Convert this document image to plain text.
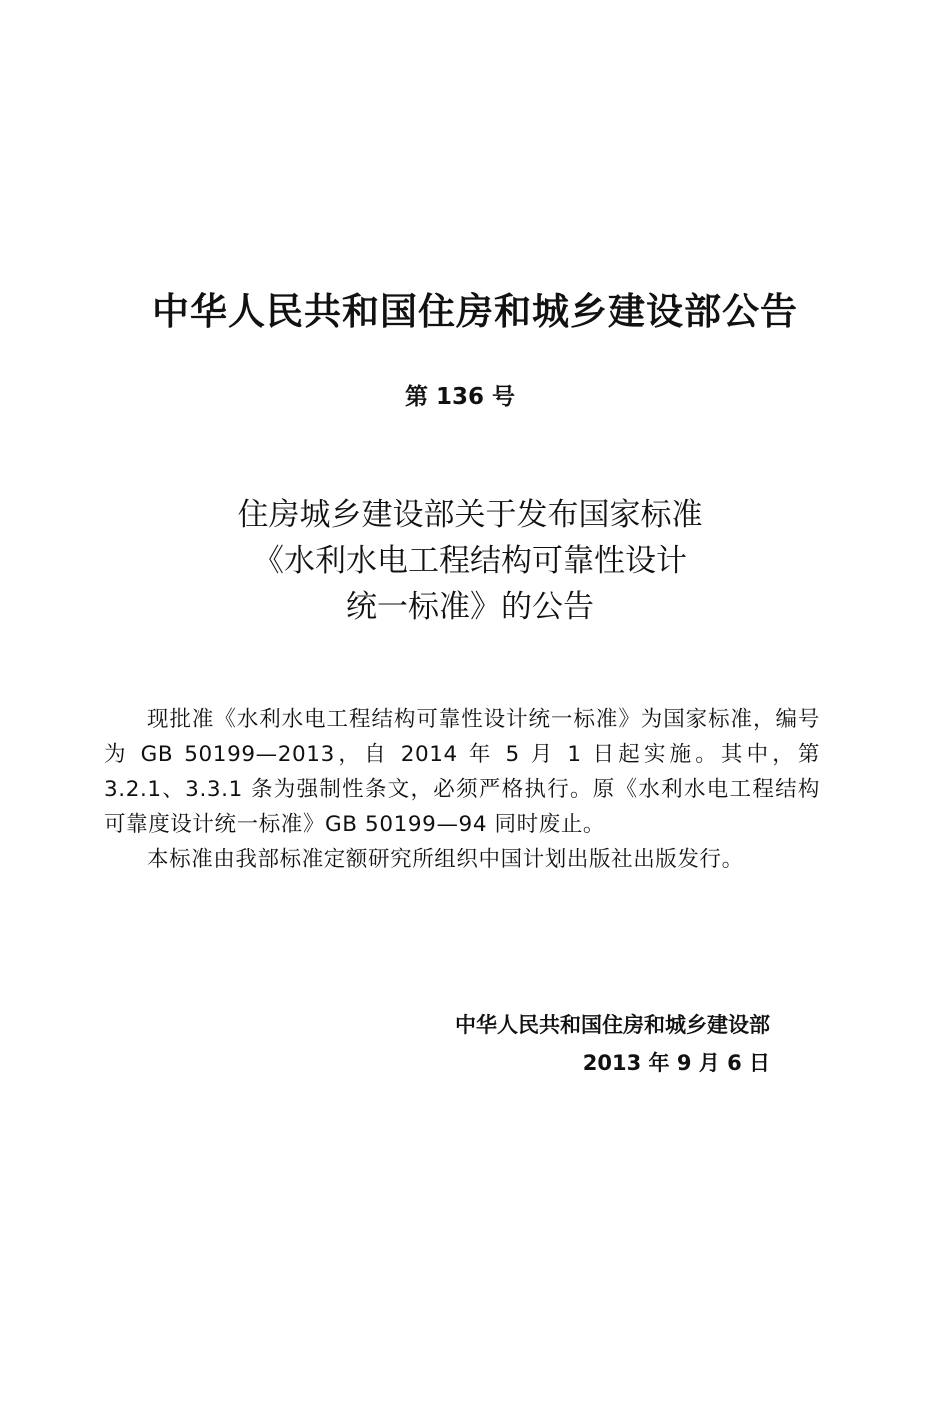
中华人民共和国住房和城乡建设部公告
第 136 号
住房城乡建设部关于发布国家标准
《水利水电工程结构可靠性设计
统一标准》的公告

现批准《水利水电工程结构可靠性设计统一标准》为国家标准，编号为 GB 50199—2013，自 2014 年 5 月 1 日起实施。其中，第 3.2.1、3.3.1 条为强制性条文，必须严格执行。原《水利水电工程结构可靠度设计统一标准》GB 50199—94 同时废止。

本标准由我部标准定额研究所组织中国计划出版社出版发行。

中华人民共和国住房和城乡建设部
2013 年 9 月 6 日
